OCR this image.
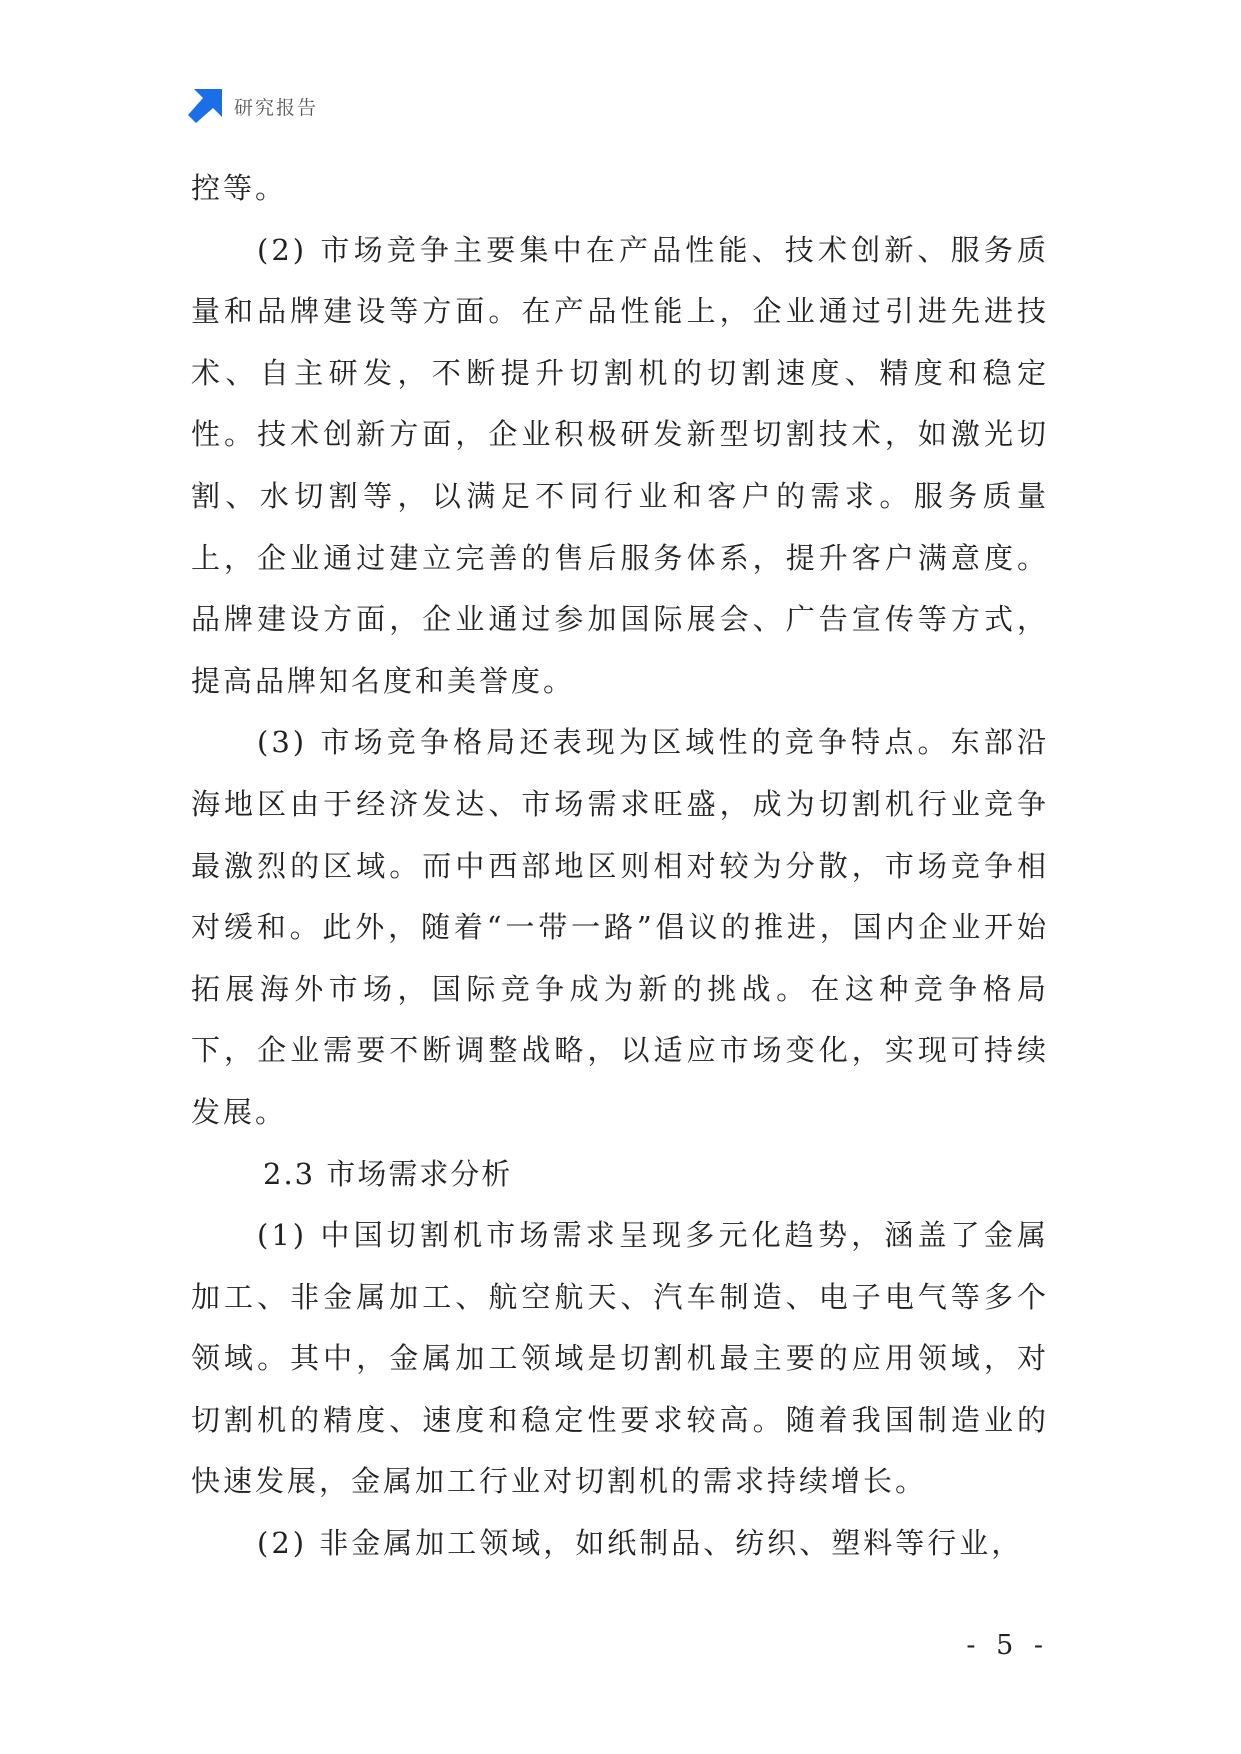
研究报告

控等。

(2) 市场竞争主要集中在产品性能、技术创新、服务质量和品牌建设等方面。在产品性能上，企业通过引进先进技术、自主研发，不断提升切割机的切割速度、精度和稳定性。技术创新方面，企业积极研发新型切割技术，如激光切割、水切割等，以满足不同行业和客户的需求。服务质量上，企业通过建立完善的售后服务体系，提升客户满意度。品牌建设方面，企业通过参加国际展会、广告宣传等方式，提高品牌知名度和美誉度。

(3) 市场竞争格局还表现为区域性的竞争特点。东部沿海地区由于经济发达、市场需求旺盛，成为切割机行业竞争最激烈的区域。而中西部地区则相对较为分散，市场竞争相对缓和。此外，随着“一带一路”倡议的推进，国内企业开始拓展海外市场，国际竞争成为新的挑战。在这种竞争格局下，企业需要不断调整战略，以适应市场变化，实现可持续发展。

2.3 市场需求分析

(1) 中国切割机市场需求呈现多元化趋势，涵盖了金属加工、非金属加工、航空航天、汽车制造、电子电气等多个领域。其中，金属加工领域是切割机最主要的应用领域，对切割机的精度、速度和稳定性要求较高。随着我国制造业的快速发展，金属加工行业对切割机的需求持续增长。

(2) 非金属加工领域，如纸制品、纺织、塑料等行业，

- 5 -
